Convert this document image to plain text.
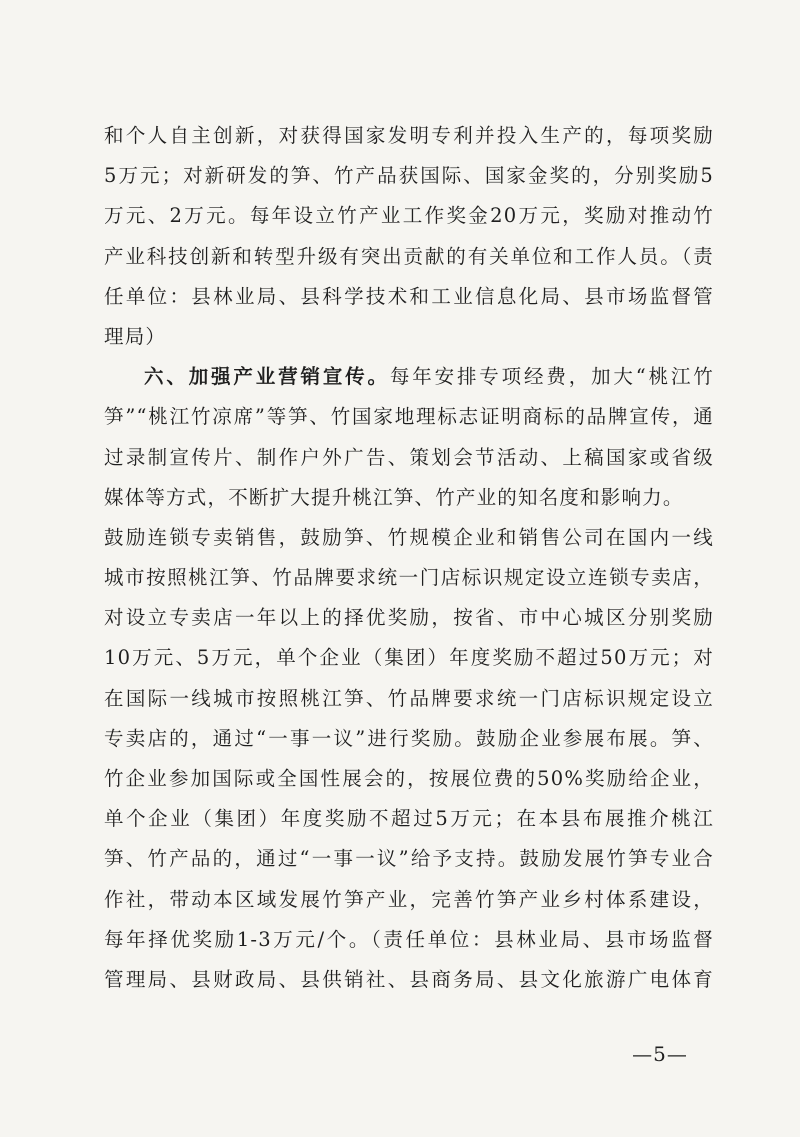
和个人自主创新，对获得国家发明专利并投入生产的，每项奖励
5万元；对新研发的笋、竹产品获国际、国家金奖的，分别奖励5
万元、2万元。每年设立竹产业工作奖金20万元，奖励对推动竹
产业科技创新和转型升级有突出贡献的有关单位和工作人员。（责
任单位：县林业局、县科学技术和工业信息化局、县市场监督管
理局）
六、加强产业营销宣传。每年安排专项经费，加大“桃江竹
笋”“桃江竹凉席”等笋、竹国家地理标志证明商标的品牌宣传，通
过录制宣传片、制作户外广告、策划会节活动、上稿国家或省级
媒体等方式，不断扩大提升桃江笋、竹产业的知名度和影响力。
鼓励连锁专卖销售，鼓励笋、竹规模企业和销售公司在国内一线
城市按照桃江笋、竹品牌要求统一门店标识规定设立连锁专卖店，
对设立专卖店一年以上的择优奖励，按省、市中心城区分别奖励
10万元、5万元，单个企业（集团）年度奖励不超过50万元；对
在国际一线城市按照桃江笋、竹品牌要求统一门店标识规定设立
专卖店的，通过“一事一议”进行奖励。鼓励企业参展布展。笋、
竹企业参加国际或全国性展会的，按展位费的50%奖励给企业，
单个企业（集团）年度奖励不超过5万元；在本县布展推介桃江
笋、竹产品的，通过“一事一议”给予支持。鼓励发展竹笋专业合
作社，带动本区域发展竹笋产业，完善竹笋产业乡村体系建设，
每年择优奖励1-3万元/个。（责任单位：县林业局、县市场监督
管理局、县财政局、县供销社、县商务局、县文化旅游广电体育
—5—
